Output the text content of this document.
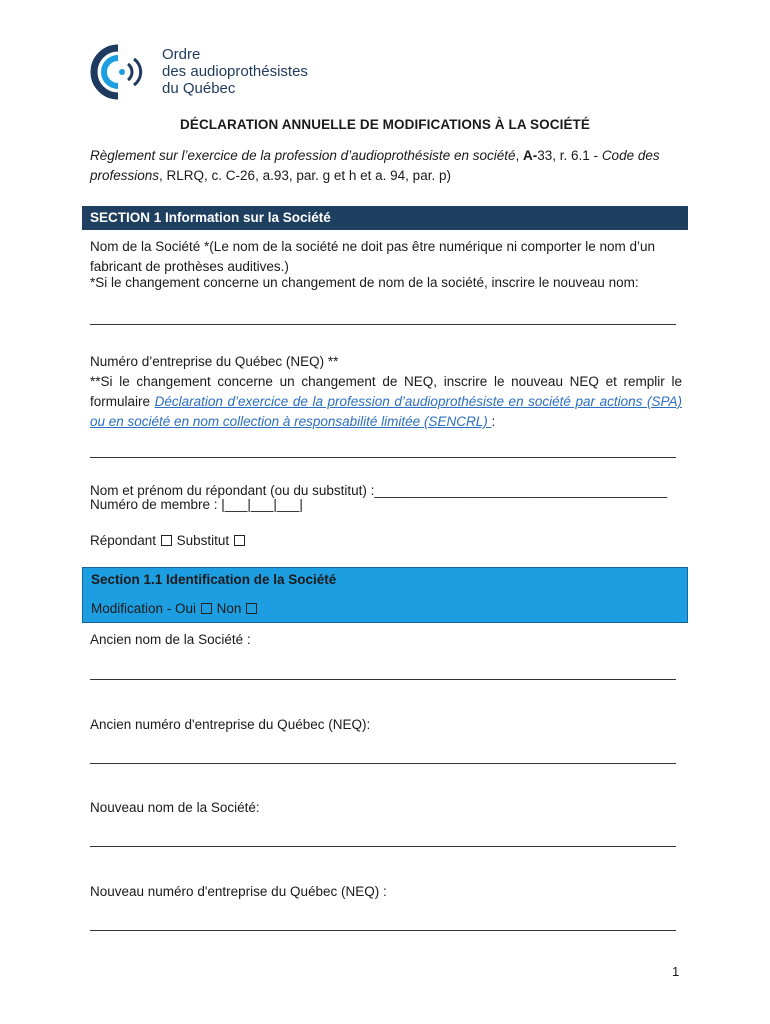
Ordre
des audioprothésistes
du Québec
DÉCLARATION ANNUELLE DE MODIFICATIONS À LA SOCIÉTÉ
Règlement sur l’exercice de la profession d’audioprothésiste en société, A-33, r. 6.1 - Code des professions, RLRQ, c. C-26, a.93, par. g et h et a. 94, par. p)
SECTION 1 Information sur la Société
Nom de la Société *(Le nom de la société ne doit pas être numérique ni comporter le nom d’un fabricant de prothèses auditives.)
*Si le changement concerne un changement de nom de la société, inscrire le nouveau nom:
Numéro d’entreprise du Québec (NEQ) **
**Si le changement concerne un changement de NEQ, inscrire le nouveau NEQ et remplir le formulaire Déclaration d’exercice de la profession d’audioprothésiste en société par actions (SPA) ou en société en nom collection à responsabilité limitée (SENCRL) :
Nom et prénom du répondant (ou du substitut) :_______________________________________
Numéro de membre : |___|___|___|
Répondant Substitut
Section 1.1 Identification de la Société
Modification - Oui Non
Ancien nom de la Société :
Ancien numéro d'entreprise du Québec (NEQ):
Nouveau nom de la Société:
Nouveau numéro d'entreprise du Québec (NEQ) :
1
